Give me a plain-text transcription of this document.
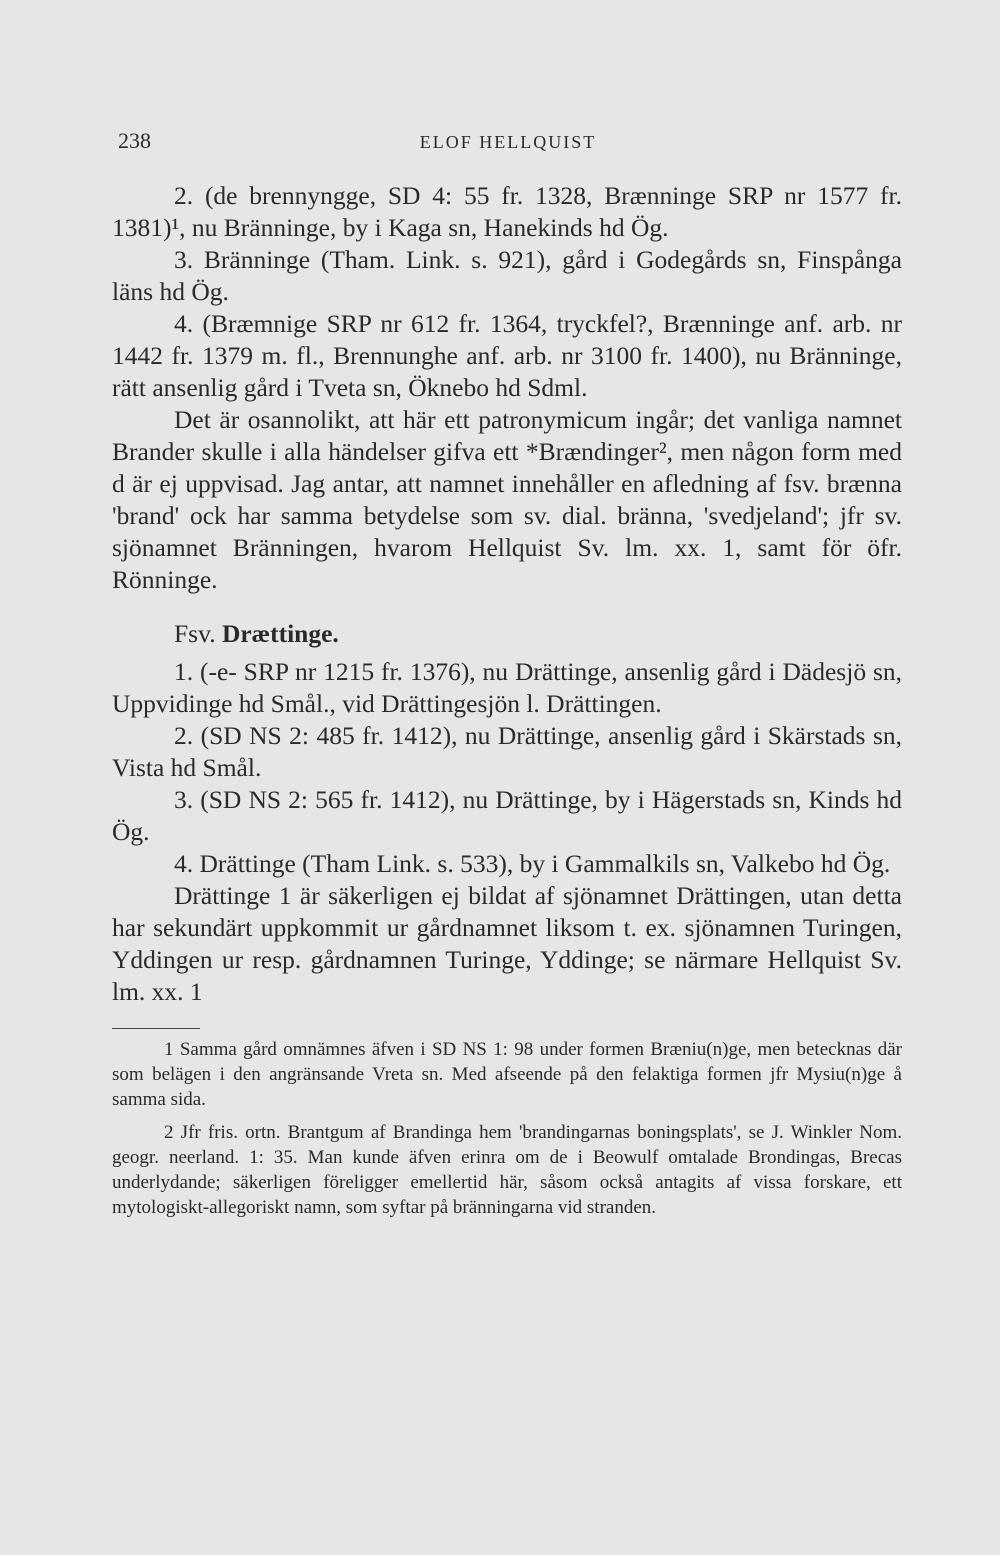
238	ELOF HELLQUIST

2. (de brennyngge, SD 4: 55 fr. 1328, Brænninge SRP nr 1577 fr. 1381)¹, nu Bränninge, by i Kaga sn, Hanekinds hd Ög.

3. Bränninge (Tham. Link. s. 921), gård i Godegårds sn, Finspånga läns hd Ög.

4. (Bræmnige SRP nr 612 fr. 1364, tryckfel?, Brænninge anf. arb. nr 1442 fr. 1379 m. fl., Brennunghe anf. arb. nr 3100 fr. 1400), nu Bränninge, rätt ansenlig gård i Tveta sn, Öknebo hd Sdml.

Det är osannolikt, att här ett patronymicum ingår; det vanliga namnet Brander skulle i alla händelser gifva ett *Brændinger², men någon form med d är ej uppvisad. Jag antar, att namnet innehåller en afledning af fsv. brænna 'brand' ock har samma betydelse som sv. dial. bränna, 'svedjeland'; jfr sv. sjönamnet Bränningen, hvarom Hellquist Sv. lm. xx. 1, samt för öfr. Rönninge.

Fsv. Drættinge.

1. (-e- SRP nr 1215 fr. 1376), nu Drättinge, ansenlig gård i Dädesjö sn, Uppvidinge hd Smål., vid Drättingesjön l. Drättingen.

2. (SD NS 2: 485 fr. 1412), nu Drättinge, ansenlig gård i Skärstads sn, Vista hd Smål.

3. (SD NS 2: 565 fr. 1412), nu Drättinge, by i Hägerstads sn, Kinds hd Ög.

4. Drättinge (Tham Link. s. 533), by i Gammalkils sn, Valkebo hd Ög.

Drättinge 1 är säkerligen ej bildat af sjönamnet Drättingen, utan detta har sekundärt uppkommit ur gårdnamnet liksom t. ex. sjönamnen Turingen, Yddingen ur resp. gårdnamnen Turinge, Yddinge; se närmare Hellquist Sv. lm. xx. 1

1 Samma gård omnämnes äfven i SD NS 1: 98 under formen Bræniu(n)ge, men betecknas där som belägen i den angränsande Vreta sn. Med afseende på den felaktiga formen jfr Mysiu(n)ge å samma sida.

2 Jfr fris. ortn. Brantgum af Brandinga hem 'brandingarnas boningsplats', se J. Winkler Nom. geogr. neerland. 1: 35. Man kunde äfven erinra om de i Beowulf omtalade Brondingas, Brecas underlydande; säkerligen föreligger emellertid här, såsom också antagits af vissa forskare, ett mytologiskt-allegoriskt namn, som syftar på bränningarna vid stranden.
